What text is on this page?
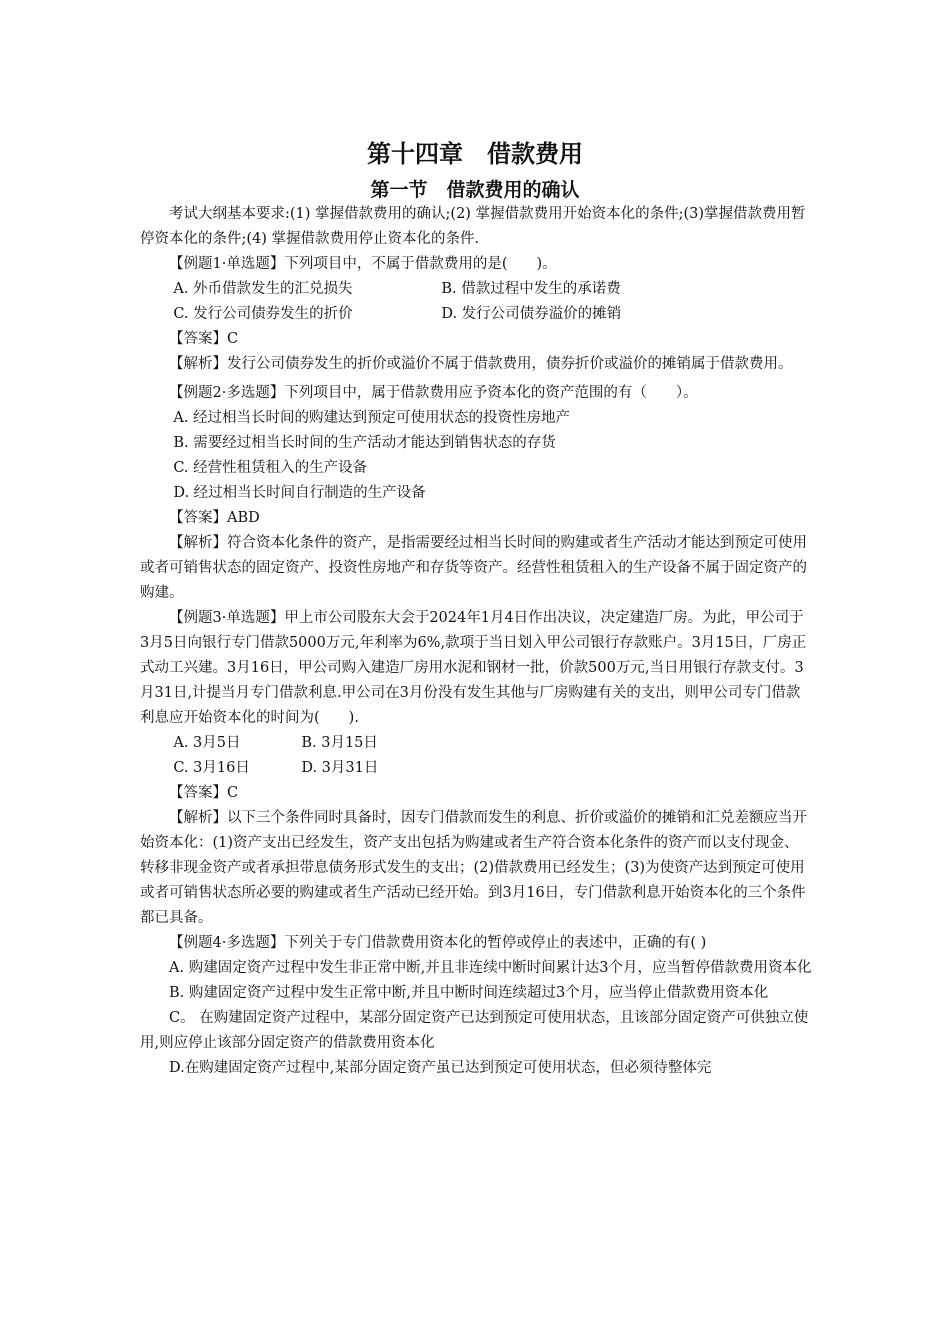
第十四章　借款费用
第一节　借款费用的确认

考试大纲基本要求:(1) 掌握借款费用的确认;(2) 掌握借款费用开始资本化的条件;(3)掌握借款费用暂停资本化的条件;(4) 掌握借款费用停止资本化的条件.

【例题1·单选题】下列项目中，不属于借款费用的是(　　)。

A. 外币借款发生的汇兑损失	B. 借款过程中发生的承诺费
C. 发行公司债券发生的折价	D. 发行公司债券溢价的摊销

【答案】C

【解析】发行公司债券发生的折价或溢价不属于借款费用，债券折价或溢价的摊销属于借款费用。

【例题2·多选题】下列项目中，属于借款费用应予资本化的资产范围的有（　　）。

A. 经过相当长时间的购建达到预定可使用状态的投资性房地产

B. 需要经过相当长时间的生产活动才能达到销售状态的存货

C. 经营性租赁租入的生产设备

D. 经过相当长时间自行制造的生产设备

【答案】ABD

【解析】符合资本化条件的资产，是指需要经过相当长时间的购建或者生产活动才能达到预定可使用或者可销售状态的固定资产、投资性房地产和存货等资产。经营性租赁租入的生产设备不属于固定资产的购建。

【例题3·单选题】甲上市公司股东大会于2024年1月4日作出决议，决定建造厂房。为此，甲公司于3月5日向银行专门借款5000万元,年利率为6%,款项于当日划入甲公司银行存款账户。3月15日，厂房正式动工兴建。3月16日，甲公司购入建造厂房用水泥和钢材一批，价款500万元,当日用银行存款支付。3月31日,计提当月专门借款利息.甲公司在3月份没有发生其他与厂房购建有关的支出，则甲公司专门借款利息应开始资本化的时间为(　　).

A. 3月5日	B. 3月15日
C. 3月16日	D. 3月31日

【答案】C

【解析】以下三个条件同时具备时，因专门借款而发生的利息、折价或溢价的摊销和汇兑差额应当开始资本化：(1)资产支出已经发生，资产支出包括为购建或者生产符合资本化条件的资产而以支付现金、转移非现金资产或者承担带息债务形式发生的支出；(2)借款费用已经发生；(3)为使资产达到预定可使用或者可销售状态所必要的购建或者生产活动已经开始。到3月16日，专门借款利息开始资本化的三个条件都已具备。

【例题4·多选题】下列关于专门借款费用资本化的暂停或停止的表述中，正确的有( )

A. 购建固定资产过程中发生非正常中断,并且非连续中断时间累计达3个月，应当暂停借款费用资本化

B. 购建固定资产过程中发生正常中断,并且中断时间连续超过3个月，应当停止借款费用资本化

C。 在购建固定资产过程中，某部分固定资产已达到预定可使用状态，且该部分固定资产可供独立使用,则应停止该部分固定资产的借款费用资本化

D.在购建固定资产过程中,某部分固定资产虽已达到预定可使用状态，但必须待整体完
